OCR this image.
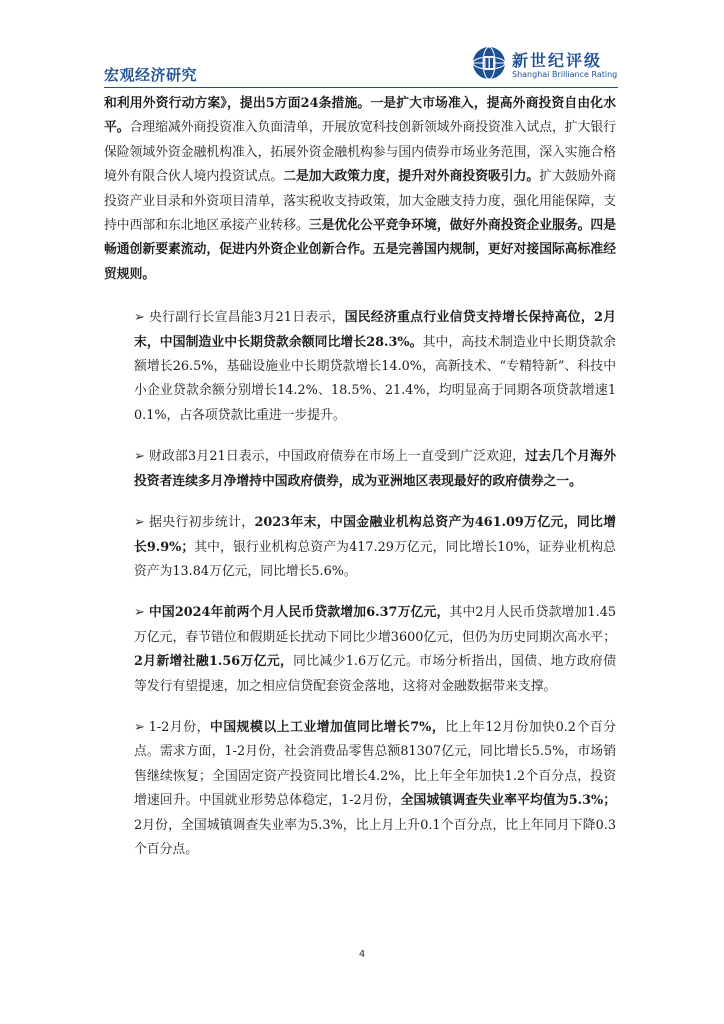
宏观经济研究
新世纪评级
Shanghai Brilliance Rating

和利用外资行动方案》，提出5方面24条措施。一是扩大市场准入，提高外商投资自由化水平。合理缩减外商投资准入负面清单，开展放宽科技创新领域外商投资准入试点，扩大银行保险领域外资金融机构准入，拓展外资金融机构参与国内债券市场业务范围，深入实施合格境外有限合伙人境内投资试点。二是加大政策力度，提升对外商投资吸引力。扩大鼓励外商投资产业目录和外资项目清单，落实税收支持政策，加大金融支持力度，强化用能保障，支持中西部和东北地区承接产业转移。三是优化公平竞争环境，做好外商投资企业服务。四是畅通创新要素流动，促进内外资企业创新合作。五是完善国内规制，更好对接国际高标准经贸规则。

➢ 央行副行长宣昌能3月21日表示，国民经济重点行业信贷支持增长保持高位，2月末，中国制造业中长期贷款余额同比增长28.3%。其中，高技术制造业中长期贷款余额增长26.5%，基础设施业中长期贷款增长14.0%，高新技术、“专精特新”、科技中小企业贷款余额分别增长14.2%、18.5%、21.4%，均明显高于同期各项贷款增速10.1%，占各项贷款比重进一步提升。

➢ 财政部3月21日表示，中国政府债券在市场上一直受到广泛欢迎，过去几个月海外投资者连续多月净增持中国政府债券，成为亚洲地区表现最好的政府债券之一。

➢ 据央行初步统计，2023年末，中国金融业机构总资产为461.09万亿元，同比增长9.9%；其中，银行业机构总资产为417.29万亿元，同比增长10%，证券业机构总资产为13.84万亿元，同比增长5.6%。

➢ 中国2024年前两个月人民币贷款增加6.37万亿元，其中2月人民币贷款增加1.45万亿元，春节错位和假期延长扰动下同比少增3600亿元，但仍为历史同期次高水平；2月新增社融1.56万亿元，同比减少1.6万亿元。市场分析指出，国债、地方政府债等发行有望提速，加之相应信贷配套资金落地，这将对金融数据带来支撑。

➢ 1-2月份，中国规模以上工业增加值同比增长7%，比上年12月份加快0.2个百分点。需求方面，1-2月份，社会消费品零售总额81307亿元，同比增长5.5%，市场销售继续恢复；全国固定资产投资同比增长4.2%，比上年全年加快1.2个百分点，投资增速回升。中国就业形势总体稳定，1-2月份，全国城镇调查失业率平均值为5.3%；2月份，全国城镇调查失业率为5.3%，比上月上升0.1个百分点，比上年同月下降0.3个百分点。

4
